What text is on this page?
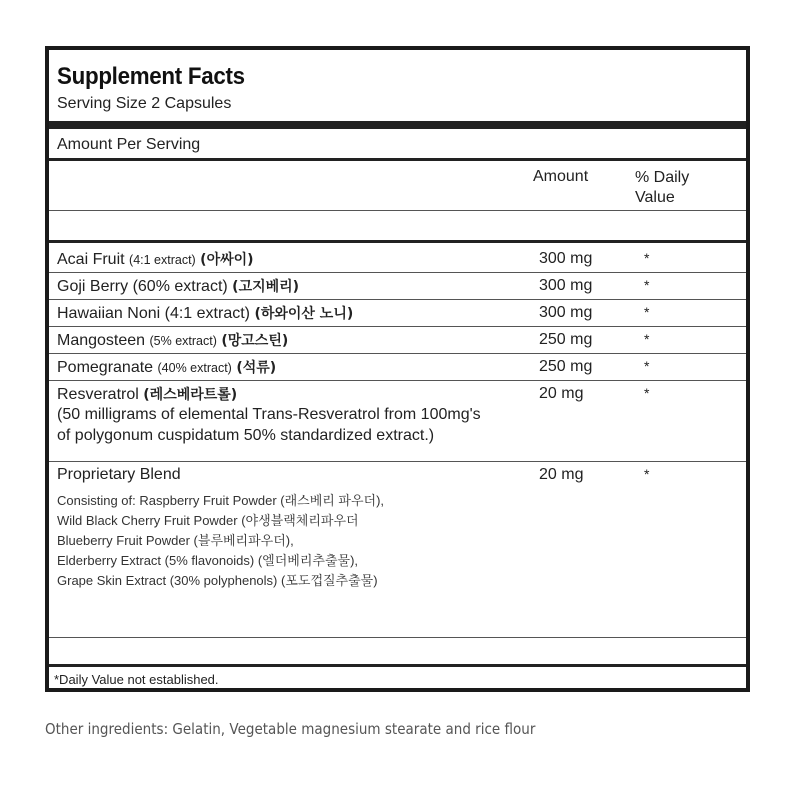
Supplement Facts
Serving Size 2 Capsules
Amount Per Serving
Amount	% Daily Value
Acai Fruit (4:1 extract) (아싸이)	300 mg	*
Goji Berry (60% extract) (고지베리)	300 mg	*
Hawaiian Noni (4:1 extract) (하와이산 노니)	300 mg	*
Mangosteen (5% extract) (망고스틴)	250 mg	*
Pomegranate (40% extract) (석류)	250 mg	*
Resveratrol (레스베라트롤)	20 mg	*
(50 milligrams of elemental Trans-Resveratrol from 100mg's
of polygonum cuspidatum 50% standardized extract.)
Proprietary Blend	20 mg	*
Consisting of: Raspberry Fruit Powder (래스베리 파우더),
Wild Black Cherry Fruit Powder (야생블랙체리파우더
Blueberry Fruit Powder (블루베리파우더),
Elderberry Extract (5% flavonoids) (엘더베리추출물),
Grape Skin Extract (30% polyphenols) (포도껍질추출물)
*Daily Value not established.
Other ingredients: Gelatin, Vegetable magnesium stearate and rice flour
